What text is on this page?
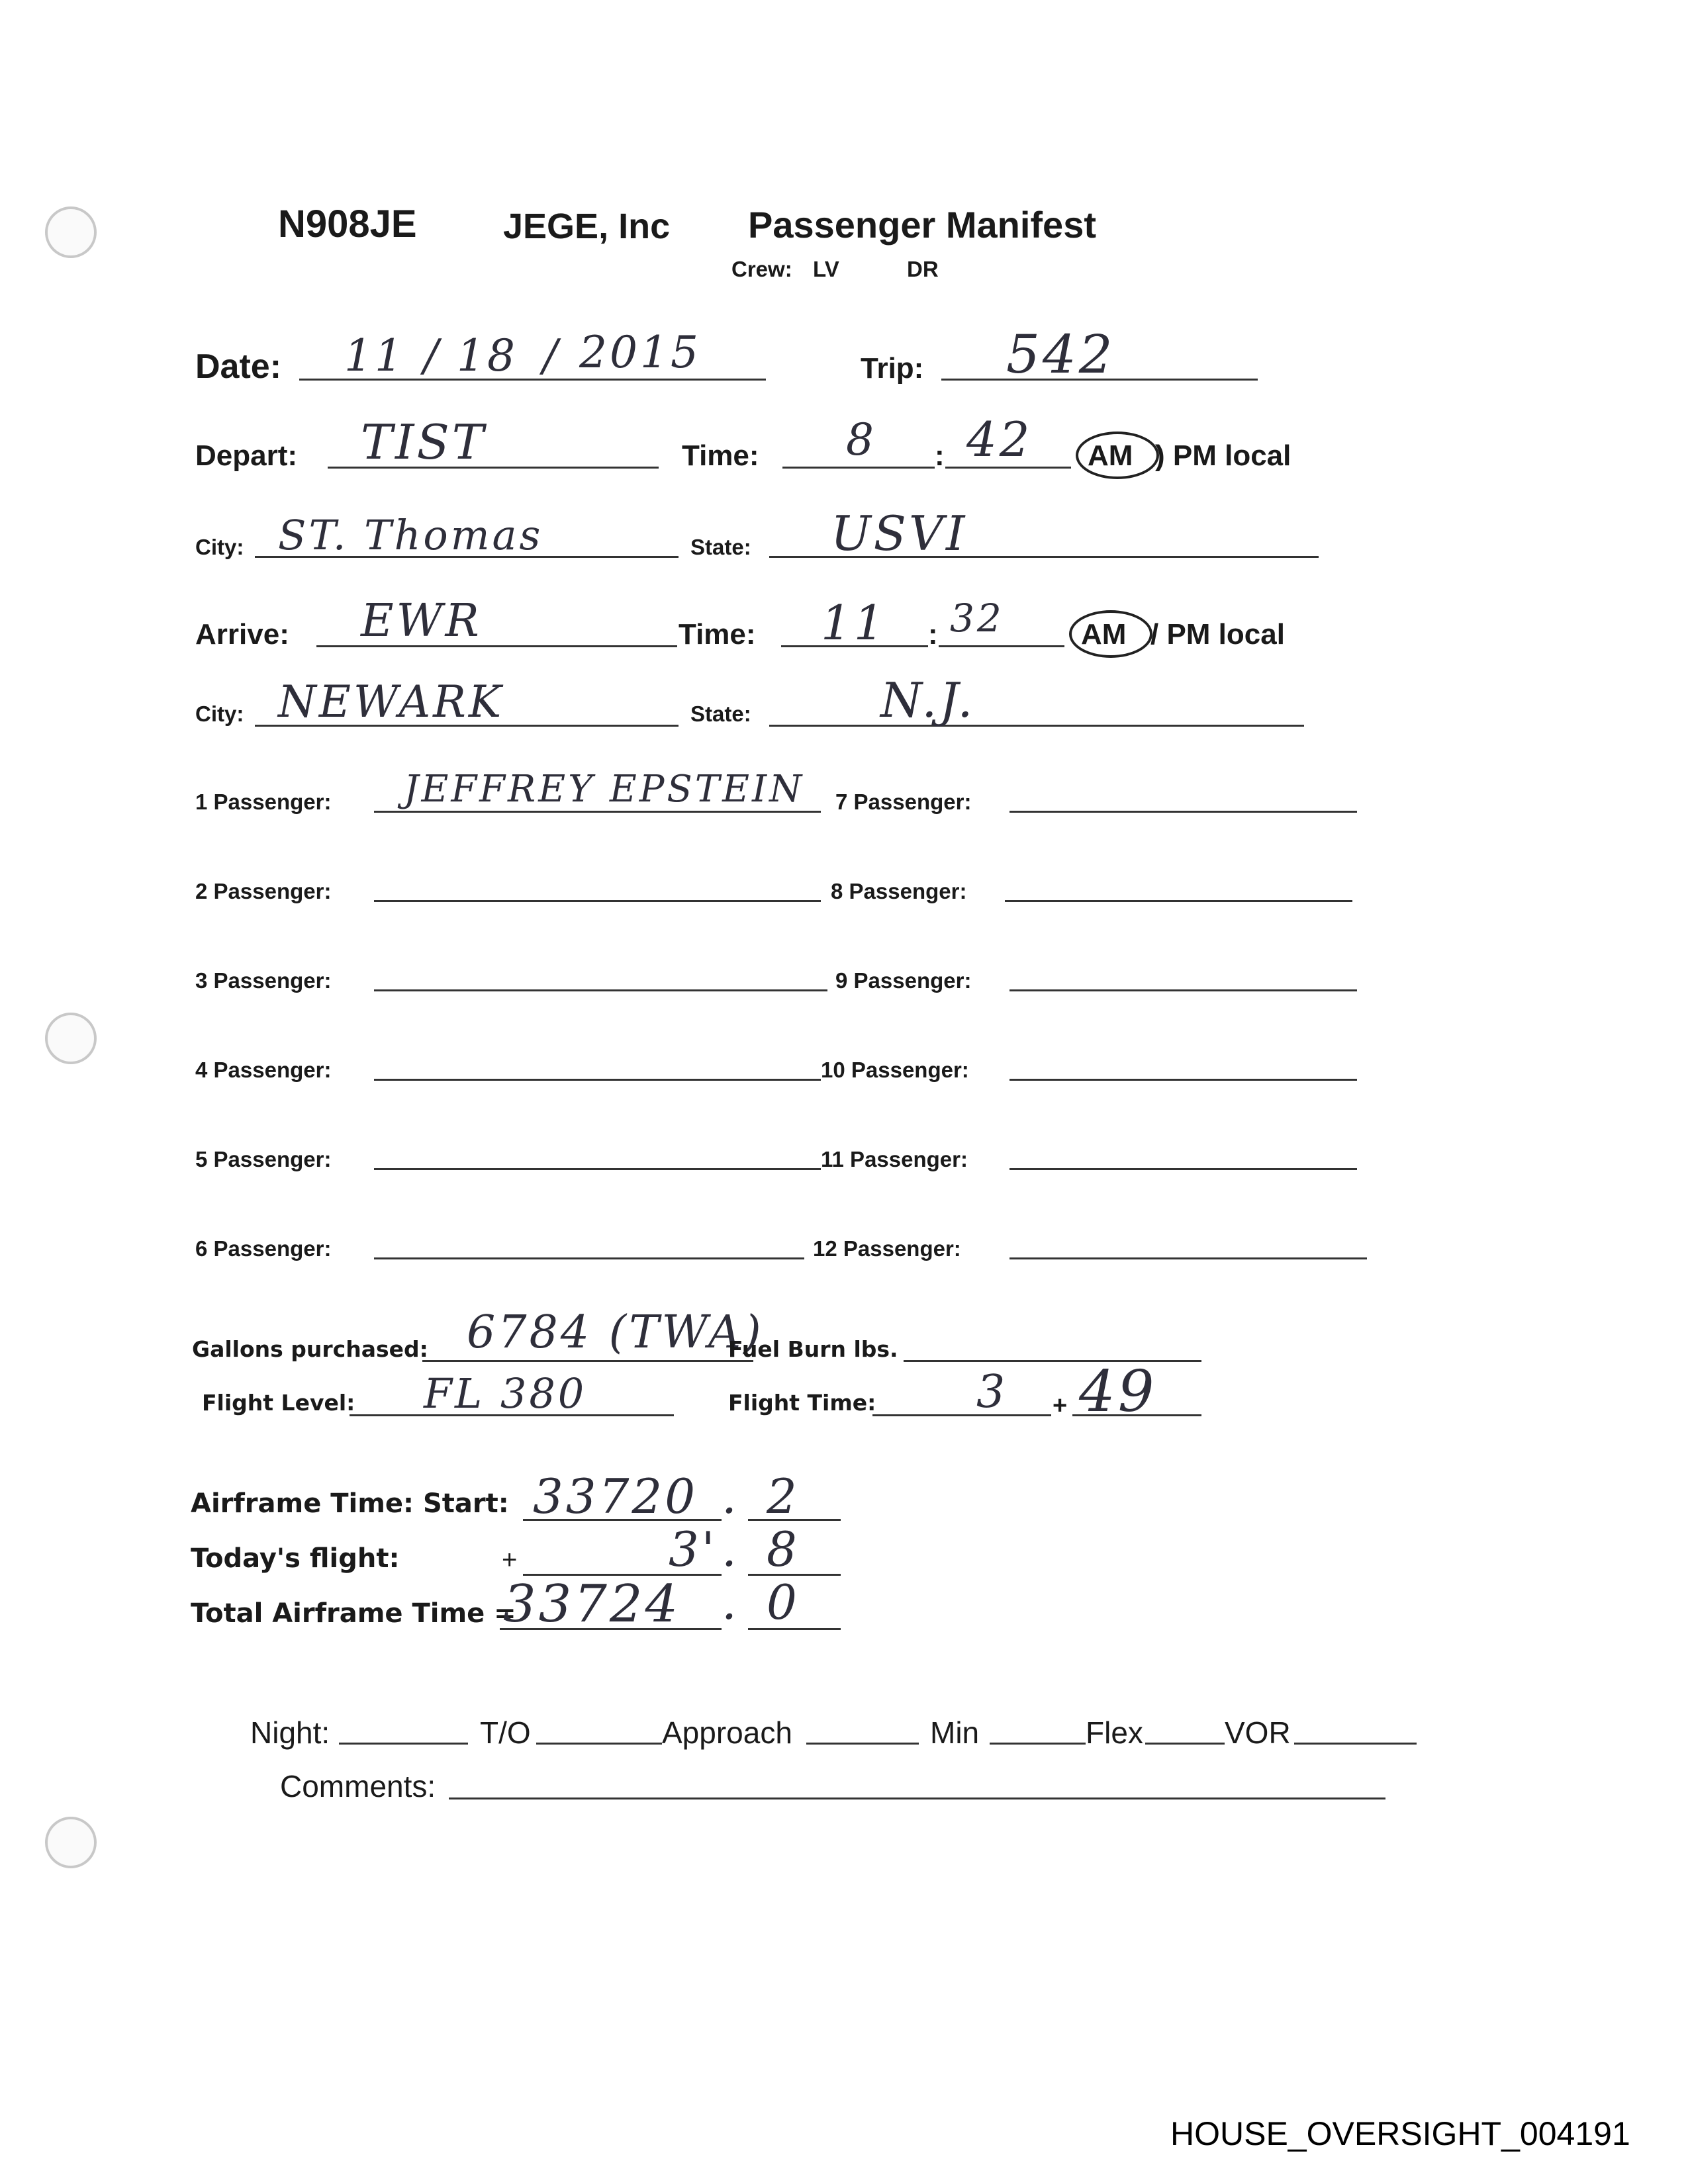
N908JE JEGE, Inc Passenger Manifest
Crew: LV	DR
Date: 11 / 18 / 2015	Trip: 542
Depart: TIST	Time: 8 : 42 AM ) PM local
City: ST. Thomas	State: USVI
Arrive: EWR	Time: 11 : 32	AM / PM local
City: NEWARK	State:	N.J.
1 Passenger: JEFFREY EPSTEIN
2 Passenger:
3 Passenger:
4 Passenger:
5 Passenger:
6 Passenger:
7 Passenger:
8 Passenger:
9 Passenger:
10 Passenger:
11 Passenger:
12 Passenger:
Gallons purchased: 6784 (TWA)
Fuel Burn lbs.
Flight Level: FL 380	Flight Time: 3 + 49
Airframe Time: Start: 33720 . 2
Today's flight:	+	3' . 8
Total Airframe Time =
33724 . 0
Night:	T/O	Approach	Min	Flex	VOR
Comments:
HOUSE_OVERSIGHT_004191
